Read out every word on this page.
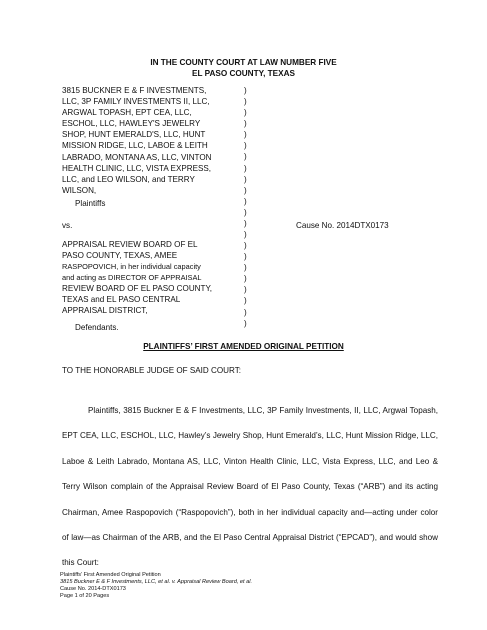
IN THE COUNTY COURT AT LAW NUMBER FIVE
EL PASO COUNTY, TEXAS
3815 BUCKNER E & F INVESTMENTS,
LLC, 3P FAMILY INVESTMENTS II, LLC,
ARGWAL TOPASH, EPT CEA, LLC,
ESCHOL, LLC, HAWLEY'S JEWELRY
SHOP, HUNT EMERALD'S, LLC, HUNT
MISSION RIDGE, LLC, LABOE & LEITH
LABRADO, MONTANA AS, LLC, VINTON
HEALTH CLINIC, LLC, VISTA EXPRESS,
LLC, and LEO WILSON, and TERRY
WILSON,
Plaintiffs
vs.
APPRAISAL REVIEW BOARD OF EL
PASO COUNTY, TEXAS, AMEE
RASPOPOVICH, in her individual capacity
and acting as DIRECTOR OF APPRAISAL
REVIEW BOARD OF EL PASO COUNTY,
TEXAS and EL PASO CENTRAL
APPRAISAL DISTRICT,
Defendants.
)
)
)
)
)
)
)
)
)
)
)
)
)
)
)
)
)
)
)
)
)
)
Cause No. 2014DTX0173
PLAINTIFFS’ FIRST AMENDED ORIGINAL PETITION
TO THE HONORABLE JUDGE OF SAID COURT:
Plaintiffs, 3815 Buckner E & F Investments, LLC, 3P Family Investments, II, LLC, Argwal Topash, EPT CEA, LLC, ESCHOL, LLC, Hawley’s Jewelry Shop, Hunt Emerald’s, LLC, Hunt Mission Ridge, LLC, Laboe & Leith Labrado, Montana AS, LLC, Vinton Health Clinic, LLC, Vista Express, LLC, and Leo & Terry Wilson complain of the Appraisal Review Board of El Paso County, Texas (“ARB”) and its acting Chairman, Amee Raspopovich (“Raspopovich”), both in her individual capacity and—acting under color of law—as Chairman of the ARB, and the El Paso Central Appraisal District (“EPCAD”), and would show this Court:
Plaintiffs’ First Amended Original Petition
3815 Buckner E & F Investments, LLC, et al. v. Appraisal Review Board, et al.
Cause No. 2014-DTX0173
Page 1 of 20 Pages
